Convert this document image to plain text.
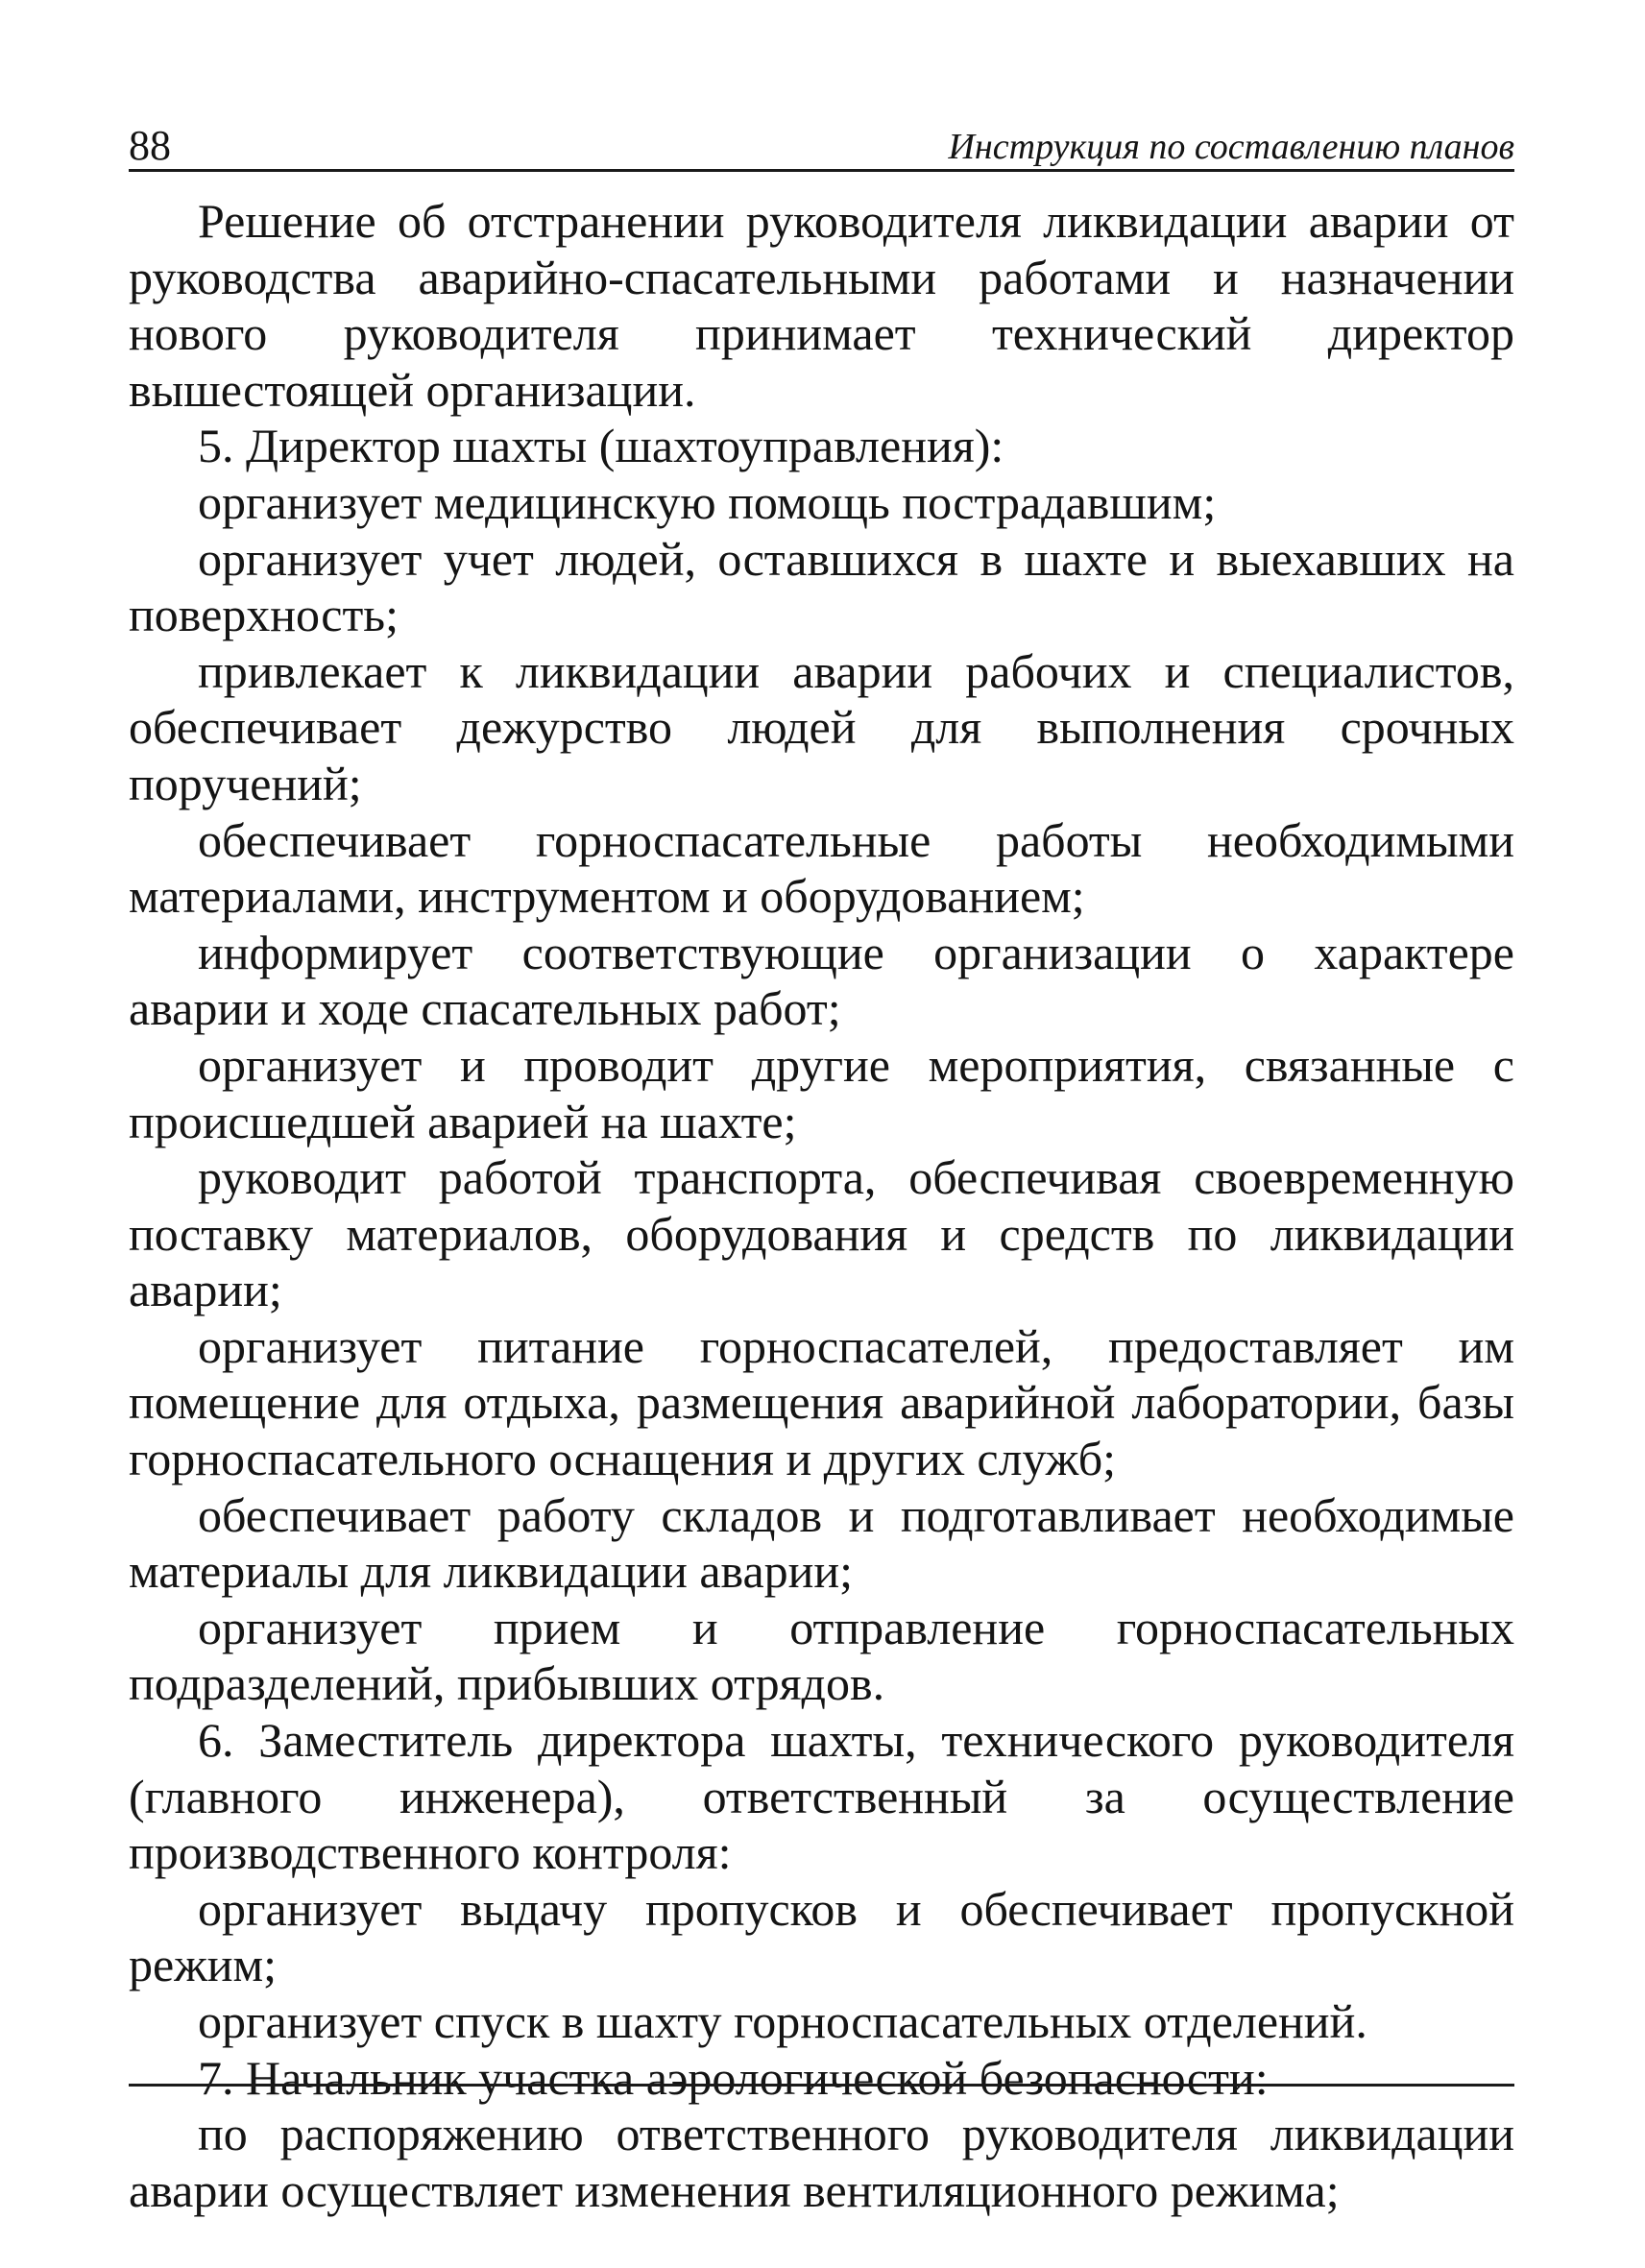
88	Инструкция по составлению планов

Решение об отстранении руководителя ликвидации аварии от руководства аварийно-спасательными работами и назначении нового руководителя принимает технический директор вышестоящей организации.

5. Директор шахты (шахтоуправления):

организует медицинскую помощь пострадавшим;

организует учет людей, оставшихся в шахте и выехавших на поверхность;

привлекает к ликвидации аварии рабочих и специалистов, обеспечивает дежурство людей для выполнения срочных поручений;

обеспечивает горноспасательные работы необходимыми материалами, инструментом и оборудованием;

информирует соответствующие организации о характере аварии и ходе спасательных работ;

организует и проводит другие мероприятия, связанные с происшедшей аварией на шахте;

руководит работой транспорта, обеспечивая своевременную поставку материалов, оборудования и средств по ликвидации аварии;

организует питание горноспасателей, предоставляет им помещение для отдыха, размещения аварийной лаборатории, базы горноспасательного оснащения и других служб;

обеспечивает работу складов и подготавливает необходимые материалы для ликвидации аварии;

организует прием и отправление горноспасательных подразделений, прибывших отрядов.

6. Заместитель директора шахты, технического руководителя (главного инженера), ответственный за осуществление производственного контроля:

организует выдачу пропусков и обеспечивает пропускной режим;

организует спуск в шахту горноспасательных отделений.

7. Начальник участка аэрологической безопасности:

по распоряжению ответственного руководителя ликвидации аварии осуществляет изменения вентиляционного режима;
